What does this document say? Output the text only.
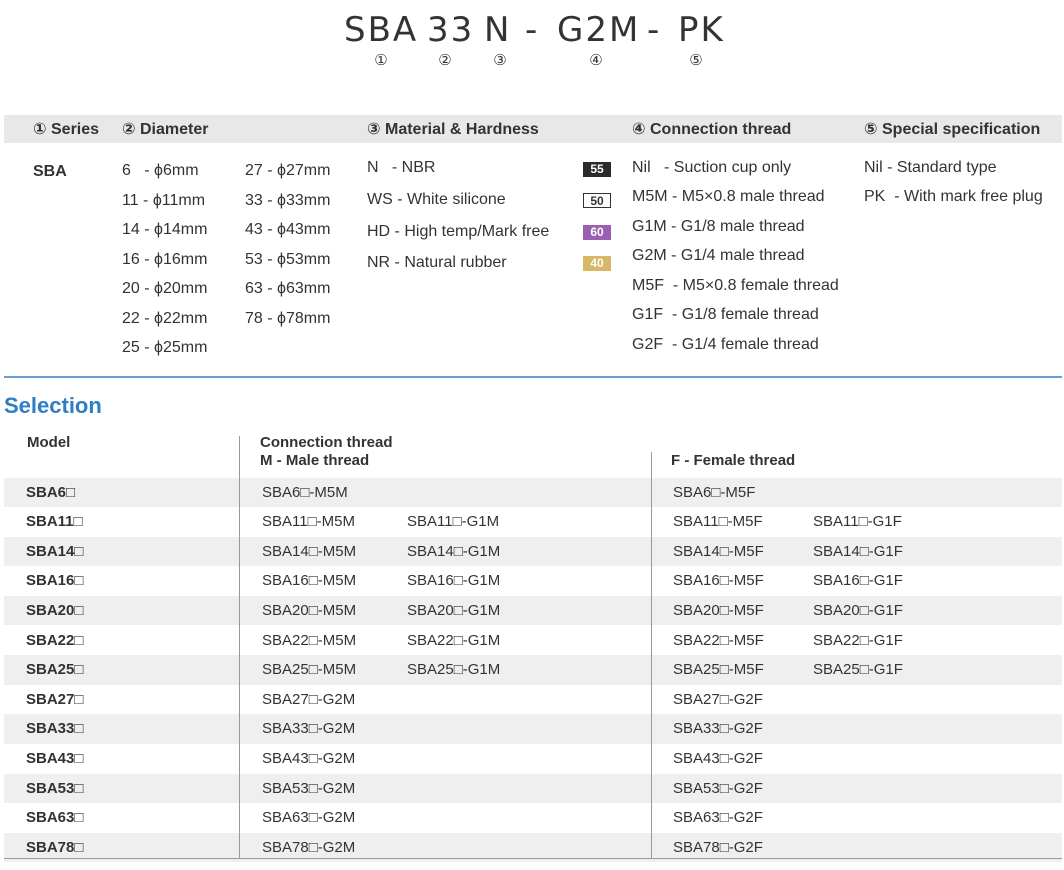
SBA 33 N - G2M - PK
①	②	③	④	⑤
① Series ② Diameter	③ Material & Hardness	④ Connection thread	⑤ Special specification
SBA	6   - ϕ6mm
11 - ϕ11mm
14 - ϕ14mm
16 - ϕ16mm
20 - ϕ20mm
22 - ϕ22mm
25 - ϕ25mm
27 - ϕ27mm
33 - ϕ33mm
43 - ϕ43mm
53 - ϕ53mm
63 - ϕ63mm
78 - ϕ78mm
N   - NBR	55
WS - White silicone	50
HD - High temp/Mark free	60
NR - Natural rubber	40
Nil   - Suction cup only
M5M - M5×0.8 male thread
G1M - G1/8 male thread
G2M - G1/4 male thread
M5F  - M5×0.8 female thread
G1F  - G1/8 female thread
G2F  - G1/4 female thread
Nil - Standard type
PK  - With mark free plug
Selection
Model	Connection thread
M - Male thread	F - Female thread
SBA6□	SBA6□-M5M	SBA6□-M5F
SBA11□	SBA11□-M5M	SBA11□-G1M	SBA11□-M5F	SBA11□-G1F
SBA14□	SBA14□-M5M	SBA14□-G1M	SBA14□-M5F	SBA14□-G1F
SBA16□	SBA16□-M5M	SBA16□-G1M	SBA16□-M5F	SBA16□-G1F
SBA20□	SBA20□-M5M	SBA20□-G1M	SBA20□-M5F	SBA20□-G1F
SBA22□	SBA22□-M5M	SBA22□-G1M	SBA22□-M5F	SBA22□-G1F
SBA25□	SBA25□-M5M	SBA25□-G1M	SBA25□-M5F	SBA25□-G1F
SBA27□	SBA27□-G2M	SBA27□-G2F
SBA33□	SBA33□-G2M	SBA33□-G2F
SBA43□	SBA43□-G2M	SBA43□-G2F
SBA53□	SBA53□-G2M	SBA53□-G2F
SBA63□	SBA63□-G2M	SBA63□-G2F
SBA78□	SBA78□-G2M	SBA78□-G2F
